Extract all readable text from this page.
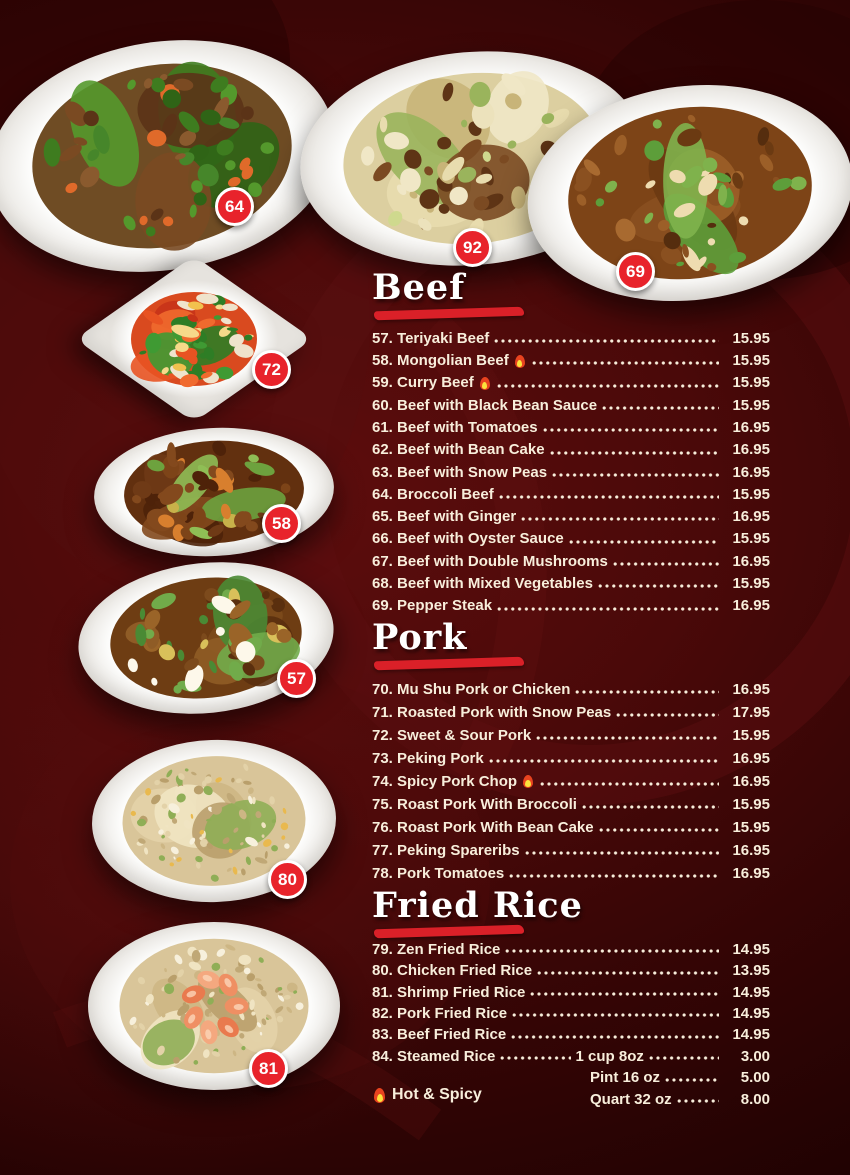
64
92
69
72
58
57
80
81
Beef
57. Teriyaki Beef	15.95
58. Mongolian Beef	15.95
59. Curry Beef	15.95
60. Beef with Black Bean Sauce	15.95
61. Beef with Tomatoes	16.95
62. Beef with Bean Cake	16.95
63. Beef with Snow Peas	16.95
64. Broccoli Beef	15.95
65. Beef with Ginger	16.95
66. Beef with Oyster Sauce	15.95
67. Beef with Double Mushrooms	16.95
68. Beef with Mixed Vegetables	15.95
69. Pepper Steak	16.95
Pork
70. Mu Shu Pork or Chicken	16.95
71. Roasted Pork with Snow Peas	17.95
72. Sweet & Sour Pork	15.95
73. Peking Pork	16.95
74. Spicy Pork Chop	16.95
75. Roast Pork With Broccoli	15.95
76. Roast Pork With Bean Cake	15.95
77. Peking Spareribs	16.95
78. Pork Tomatoes	16.95
Fried Rice
79. Zen Fried Rice	14.95
80. Chicken Fried Rice	13.95
81. Shrimp Fried Rice	14.95
82. Pork Fried Rice	14.95
83. Beef Fried Rice	14.95
84. Steamed Rice	1 cup 8oz	3.00
Pint 16 oz	5.00
Quart 32 oz	8.00
Hot & Spicy
